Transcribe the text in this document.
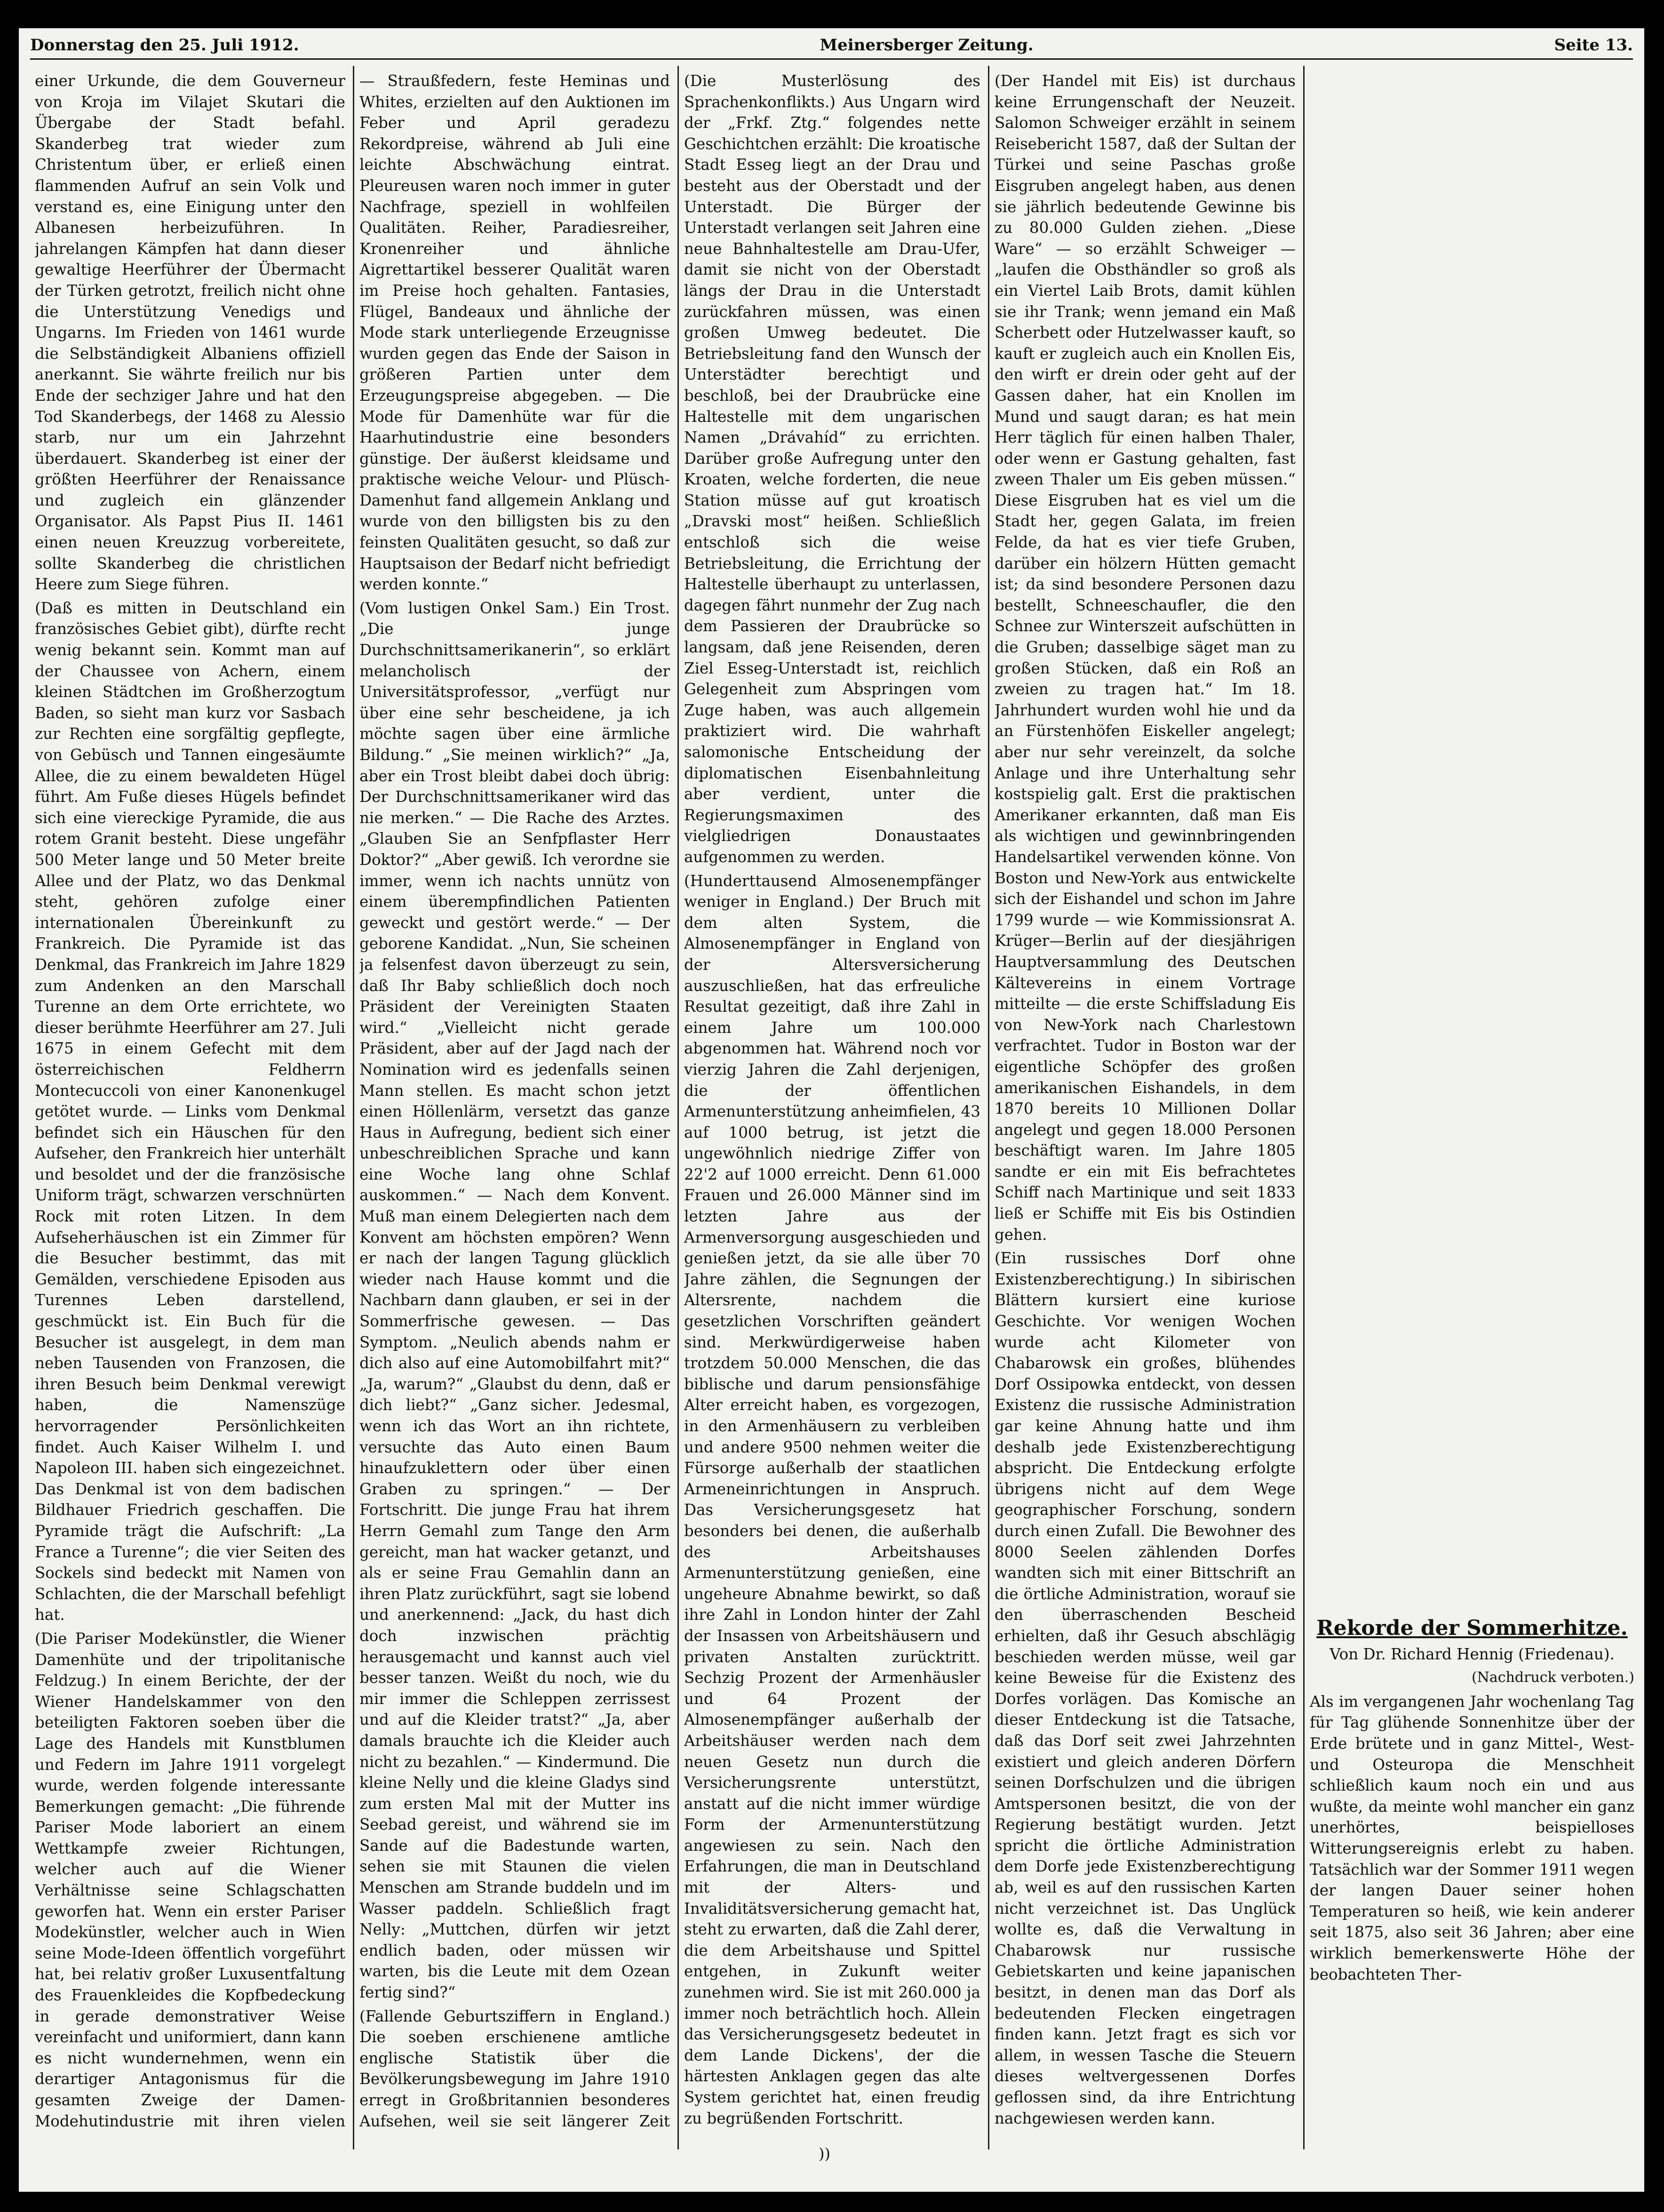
Donnerstag den 25. Juli 1912.	Meinersberger Zeitung.	Seite 13.

einer Urkunde, die dem Gouverneur von Kroja im Vilajet Skutari die Übergabe der Stadt befahl. Skanderbeg trat wieder zum Christentum über, er erließ einen flammenden Aufruf an sein Volk und verstand es, eine Einigung unter den Albanesen herbeizuführen. In jahrelangen Kämpfen hat dann dieser gewaltige Heerführer der Übermacht der Türken getrotzt, freilich nicht ohne die Unterstützung Venedigs und Ungarns. Im Frieden von 1461 wurde die Selbständigkeit Albaniens offiziell anerkannt. Sie währte freilich nur bis Ende der sechziger Jahre und hat den Tod Skanderbegs, der 1468 zu Alessio starb, nur um ein Jahrzehnt überdauert. Skanderbeg ist einer der größten Heerführer der Renaissance und zugleich ein glänzender Organisator. Als Papst Pius II. 1461 einen neuen Kreuzzug vorbereitete, sollte Skanderbeg die christlichen Heere zum Siege führen.

(Daß es mitten in Deutschland ein französisches Gebiet gibt), dürfte recht wenig bekannt sein. Kommt man auf der Chaussee von Achern, einem kleinen Städtchen im Großherzogtum Baden, so sieht man kurz vor Sasbach zur Rechten eine sorgfältig gepflegte, von Gebüsch und Tannen eingesäumte Allee, die zu einem bewaldeten Hügel führt. Am Fuße dieses Hügels befindet sich eine viereckige Pyramide, die aus rotem Granit besteht. Diese ungefähr 500 Meter lange und 50 Meter breite Allee und der Platz, wo das Denkmal steht, gehören zufolge einer internationalen Übereinkunft zu Frankreich. Die Pyramide ist das Denkmal, das Frankreich im Jahre 1829 zum Andenken an den Marschall Turenne an dem Orte errichtete, wo dieser berühmte Heerführer am 27. Juli 1675 in einem Gefecht mit dem österreichischen Feldherrn Montecuccoli von einer Kanonenkugel getötet wurde. — Links vom Denkmal befindet sich ein Häuschen für den Aufseher, den Frankreich hier unterhält und besoldet und der die französische Uniform trägt, schwarzen verschnürten Rock mit roten Litzen. In dem Aufseherhäuschen ist ein Zimmer für die Besucher bestimmt, das mit Gemälden, verschiedene Episoden aus Turennes Leben darstellend, geschmückt ist. Ein Buch für die Besucher ist ausgelegt, in dem man neben Tausenden von Franzosen, die ihren Besuch beim Denkmal verewigt haben, die Namenszüge hervorragender Persönlichkeiten findet. Auch Kaiser Wilhelm I. und Napoleon III. haben sich eingezeichnet. Das Denkmal ist von dem badischen Bildhauer Friedrich geschaffen. Die Pyramide trägt die Aufschrift: „La France a Turenne“; die vier Seiten des Sockels sind bedeckt mit Namen von Schlachten, die der Marschall befehligt hat.

(Die Pariser Modekünstler, die Wiener Damenhüte und der tripolitanische Feldzug.) In einem Berichte, der der Wiener Handelskammer von den beteiligten Faktoren soeben über die Lage des Handels mit Kunstblumen und Federn im Jahre 1911 vorgelegt wurde, werden folgende interessante Bemerkungen gemacht: „Die führende Pariser Mode laboriert an einem Wettkampfe zweier Richtungen, welcher auch auf die Wiener Verhältnisse seine Schlagschatten geworfen hat. Wenn ein erster Pariser Modekünstler, welcher auch in Wien seine Mode-Ideen öffentlich vorgeführt hat, bei relativ großer Luxusentfaltung des Frauenkleides die Kopfbedeckung in gerade demonstrativer Weise vereinfacht und uniformiert, dann kann es nicht wundernehmen, wenn ein derartiger Antagonismus für die gesamten Zweige der Damen-Modehutindustrie mit ihren vielen

— Straußfedern, feste Heminas und Whites, erzielten auf den Auktionen im Feber und April geradezu Rekordpreise, während ab Juli eine leichte Abschwächung eintrat. Pleureusen waren noch immer in guter Nachfrage, speziell in wohlfeilen Qualitäten. Reiher, Paradiesreiher, Kronenreiher und ähnliche Aigrettartikel besserer Qualität waren im Preise hoch gehalten. Fantasies, Flügel, Bandeaux und ähnliche der Mode stark unterliegende Erzeugnisse wurden gegen das Ende der Saison in größeren Partien unter dem Erzeugungspreise abgegeben. — Die Mode für Damenhüte war für die Haarhutindustrie eine besonders günstige. Der äußerst kleidsame und praktische weiche Velour- und Plüsch-Damenhut fand allgemein Anklang und wurde von den billigsten bis zu den feinsten Qualitäten gesucht, so daß zur Hauptsaison der Bedarf nicht befriedigt werden konnte.“

(Vom lustigen Onkel Sam.) Ein Trost. „Die junge Durchschnittsamerikanerin“, so erklärt melancholisch der Universitätsprofessor, „verfügt nur über eine sehr bescheidene, ja ich möchte sagen über eine ärmliche Bildung.“ „Sie meinen wirklich?“ „Ja, aber ein Trost bleibt dabei doch übrig: Der Durchschnittsamerikaner wird das nie merken.“ — Die Rache des Arztes. „Glauben Sie an Senfpflaster Herr Doktor?“ „Aber gewiß. Ich verordne sie immer, wenn ich nachts unnütz von einem überempfindlichen Patienten geweckt und gestört werde.“ — Der geborene Kandidat. „Nun, Sie scheinen ja felsenfest davon überzeugt zu sein, daß Ihr Baby schließlich doch noch Präsident der Vereinigten Staaten wird.“ „Vielleicht nicht gerade Präsident, aber auf der Jagd nach der Nomination wird es jedenfalls seinen Mann stellen. Es macht schon jetzt einen Höllenlärm, versetzt das ganze Haus in Aufregung, bedient sich einer unbeschreiblichen Sprache und kann eine Woche lang ohne Schlaf auskommen.“ — Nach dem Konvent. Muß man einem Delegierten nach dem Konvent am höchsten empören? Wenn er nach der langen Tagung glücklich wieder nach Hause kommt und die Nachbarn dann glauben, er sei in der Sommerfrische gewesen. — Das Symptom. „Neulich abends nahm er dich also auf eine Automobilfahrt mit?“ „Ja, warum?“ „Glaubst du denn, daß er dich liebt?“ „Ganz sicher. Jedesmal, wenn ich das Wort an ihn richtete, versuchte das Auto einen Baum hinaufzuklettern oder über einen Graben zu springen.“ — Der Fortschritt. Die junge Frau hat ihrem Herrn Gemahl zum Tange den Arm gereicht, man hat wacker getanzt, und als er seine Frau Gemahlin dann an ihren Platz zurückführt, sagt sie lobend und anerkennend: „Jack, du hast dich doch inzwischen prächtig herausgemacht und kannst auch viel besser tanzen. Weißt du noch, wie du mir immer die Schleppen zerrissest und auf die Kleider tratst?“ „Ja, aber damals brauchte ich die Kleider auch nicht zu bezahlen.“ — Kindermund. Die kleine Nelly und die kleine Gladys sind zum ersten Mal mit der Mutter ins Seebad gereist, und während sie im Sande auf die Badestunde warten, sehen sie mit Staunen die vielen Menschen am Strande buddeln und im Wasser paddeln. Schließlich fragt Nelly: „Muttchen, dürfen wir jetzt endlich baden, oder müssen wir warten, bis die Leute mit dem Ozean fertig sind?“

(Fallende Geburtsziffern in England.) Die soeben erschienene amtliche englische Statistik über die Bevölkerungsbewegung im Jahre 1910 erregt in Großbritannien besonderes Aufsehen, weil sie seit längerer Zeit

(Die Musterlösung des Sprachenkonflikts.) Aus Ungarn wird der „Frkf. Ztg.“ folgendes nette Geschichtchen erzählt: Die kroatische Stadt Esseg liegt an der Drau und besteht aus der Oberstadt und der Unterstadt. Die Bürger der Unterstadt verlangen seit Jahren eine neue Bahnhaltestelle am Drau-Ufer, damit sie nicht von der Oberstadt längs der Drau in die Unterstadt zurückfahren müssen, was einen großen Umweg bedeutet. Die Betriebsleitung fand den Wunsch der Unterstädter berechtigt und beschloß, bei der Draubrücke eine Haltestelle mit dem ungarischen Namen „Drávahíd“ zu errichten. Darüber große Aufregung unter den Kroaten, welche forderten, die neue Station müsse auf gut kroatisch „Dravski most“ heißen. Schließlich entschloß sich die weise Betriebsleitung, die Errichtung der Haltestelle überhaupt zu unterlassen, dagegen fährt nunmehr der Zug nach dem Passieren der Draubrücke so langsam, daß jene Reisenden, deren Ziel Esseg-Unterstadt ist, reichlich Gelegenheit zum Abspringen vom Zuge haben, was auch allgemein praktiziert wird. Die wahrhaft salomonische Entscheidung der diplomatischen Eisenbahnleitung aber verdient, unter die Regierungsmaximen des vielgliedrigen Donaustaates aufgenommen zu werden.

(Hunderttausend Almosenempfänger weniger in England.) Der Bruch mit dem alten System, die Almosenempfänger in England von der Altersversicherung auszuschließen, hat das erfreuliche Resultat gezeitigt, daß ihre Zahl in einem Jahre um 100.000 abgenommen hat. Während noch vor vierzig Jahren die Zahl derjenigen, die der öffentlichen Armenunterstützung anheimfielen, 43 auf 1000 betrug, ist jetzt die ungewöhnlich niedrige Ziffer von 22'2 auf 1000 erreicht. Denn 61.000 Frauen und 26.000 Männer sind im letzten Jahre aus der Armenversorgung ausgeschieden und genießen jetzt, da sie alle über 70 Jahre zählen, die Segnungen der Altersrente, nachdem die gesetzlichen Vorschriften geändert sind. Merkwürdigerweise haben trotzdem 50.000 Menschen, die das biblische und darum pensionsfähige Alter erreicht haben, es vorgezogen, in den Armenhäusern zu verbleiben und andere 9500 nehmen weiter die Fürsorge außerhalb der staatlichen Armeneinrichtungen in Anspruch. Das Versicherungsgesetz hat besonders bei denen, die außerhalb des Arbeitshauses Armenunterstützung genießen, eine ungeheure Abnahme bewirkt, so daß ihre Zahl in London hinter der Zahl der Insassen von Arbeitshäusern und privaten Anstalten zurücktritt. Sechzig Prozent der Armenhäusler und 64 Prozent der Almosenempfänger außerhalb der Arbeitshäuser werden nach dem neuen Gesetz nun durch die Versicherungsrente unterstützt, anstatt auf die nicht immer würdige Form der Armenunterstützung angewiesen zu sein. Nach den Erfahrungen, die man in Deutschland mit der Alters- und Invaliditätsversicherung gemacht hat, steht zu erwarten, daß die Zahl derer, die dem Arbeitshause und Spittel entgehen, in Zukunft weiter zunehmen wird. Sie ist mit 260.000 ja immer noch beträchtlich hoch. Allein das Versicherungsgesetz bedeutet in dem Lande Dickens', der die härtesten Anklagen gegen das alte System gerichtet hat, einen freudig zu begrüßenden Fortschritt.

(Der Handel mit Eis) ist durchaus keine Errungenschaft der Neuzeit. Salomon Schweiger erzählt in seinem Reisebericht 1587, daß der Sultan der Türkei und seine Paschas große Eisgruben angelegt haben, aus denen sie jährlich bedeutende Gewinne bis zu 80.000 Gulden ziehen. „Diese Ware“ — so erzählt Schweiger — „laufen die Obsthändler so groß als ein Viertel Laib Brots, damit kühlen sie ihr Trank; wenn jemand ein Maß Scherbett oder Hutzelwasser kauft, so kauft er zugleich auch ein Knollen Eis, den wirft er drein oder geht auf der Gassen daher, hat ein Knollen im Mund und saugt daran; es hat mein Herr täglich für einen halben Thaler, oder wenn er Gastung gehalten, fast zween Thaler um Eis geben müssen.“ Diese Eisgruben hat es viel um die Stadt her, gegen Galata, im freien Felde, da hat es vier tiefe Gruben, darüber ein hölzern Hütten gemacht ist; da sind besondere Personen dazu bestellt, Schneeschaufler, die den Schnee zur Winterszeit aufschütten in die Gruben; dasselbige säget man zu großen Stücken, daß ein Roß an zweien zu tragen hat.“ Im 18. Jahrhundert wurden wohl hie und da an Fürstenhöfen Eiskeller angelegt; aber nur sehr vereinzelt, da solche Anlage und ihre Unterhaltung sehr kostspielig galt. Erst die praktischen Amerikaner erkannten, daß man Eis als wichtigen und gewinnbringenden Handelsartikel verwenden könne. Von Boston und New-York aus entwickelte sich der Eishandel und schon im Jahre 1799 wurde — wie Kommissionsrat A. Krüger—Berlin auf der diesjährigen Hauptversammlung des Deutschen Kältevereins in einem Vortrage mitteilte — die erste Schiffsladung Eis von New-York nach Charlestown verfrachtet. Tudor in Boston war der eigentliche Schöpfer des großen amerikanischen Eishandels, in dem 1870 bereits 10 Millionen Dollar angelegt und gegen 18.000 Personen beschäftigt waren. Im Jahre 1805 sandte er ein mit Eis befrachtetes Schiff nach Martinique und seit 1833 ließ er Schiffe mit Eis bis Ostindien gehen.

(Ein russisches Dorf ohne Existenzberechtigung.) In sibirischen Blättern kursiert eine kuriose Geschichte. Vor wenigen Wochen wurde acht Kilometer von Chabarowsk ein großes, blühendes Dorf Ossipowka entdeckt, von dessen Existenz die russische Administration gar keine Ahnung hatte und ihm deshalb jede Existenzberechtigung abspricht. Die Entdeckung erfolgte übrigens nicht auf dem Wege geographischer Forschung, sondern durch einen Zufall. Die Bewohner des 8000 Seelen zählenden Dorfes wandten sich mit einer Bittschrift an die örtliche Administration, worauf sie den überraschenden Bescheid erhielten, daß ihr Gesuch abschlägig beschieden werden müsse, weil gar keine Beweise für die Existenz des Dorfes vorlägen. Das Komische an dieser Entdeckung ist die Tatsache, daß das Dorf seit zwei Jahrzehnten existiert und gleich anderen Dörfern seinen Dorfschulzen und die übrigen Amtspersonen besitzt, die von der Regierung bestätigt wurden. Jetzt spricht die örtliche Administration dem Dorfe jede Existenzberechtigung ab, weil es auf den russischen Karten nicht verzeichnet ist. Das Unglück wollte es, daß die Verwaltung in Chabarowsk nur russische Gebietskarten und keine japanischen besitzt, in denen man das Dorf als bedeutenden Flecken eingetragen finden kann. Jetzt fragt es sich vor allem, in wessen Tasche die Steuern dieses weltvergessenen Dorfes geflossen sind, da ihre Entrichtung nachgewiesen werden kann.

Rekorde der Sommerhitze.

Von Dr. Richard Hennig (Friedenau).

(Nachdruck verboten.)

Als im vergangenen Jahr wochenlang Tag für Tag glühende Sonnenhitze über der Erde brütete und in ganz Mittel-, West- und Osteuropa die Menschheit schließlich kaum noch ein und aus wußte, da meinte wohl mancher ein ganz unerhörtes, beispielloses Witterungsereignis erlebt zu haben. Tatsächlich war der Sommer 1911 wegen der langen Dauer seiner hohen Temperaturen so heiß, wie kein anderer seit 1875, also seit 36 Jahren; aber eine wirklich bemerkenswerte Höhe der beobachteten Ther-

))
